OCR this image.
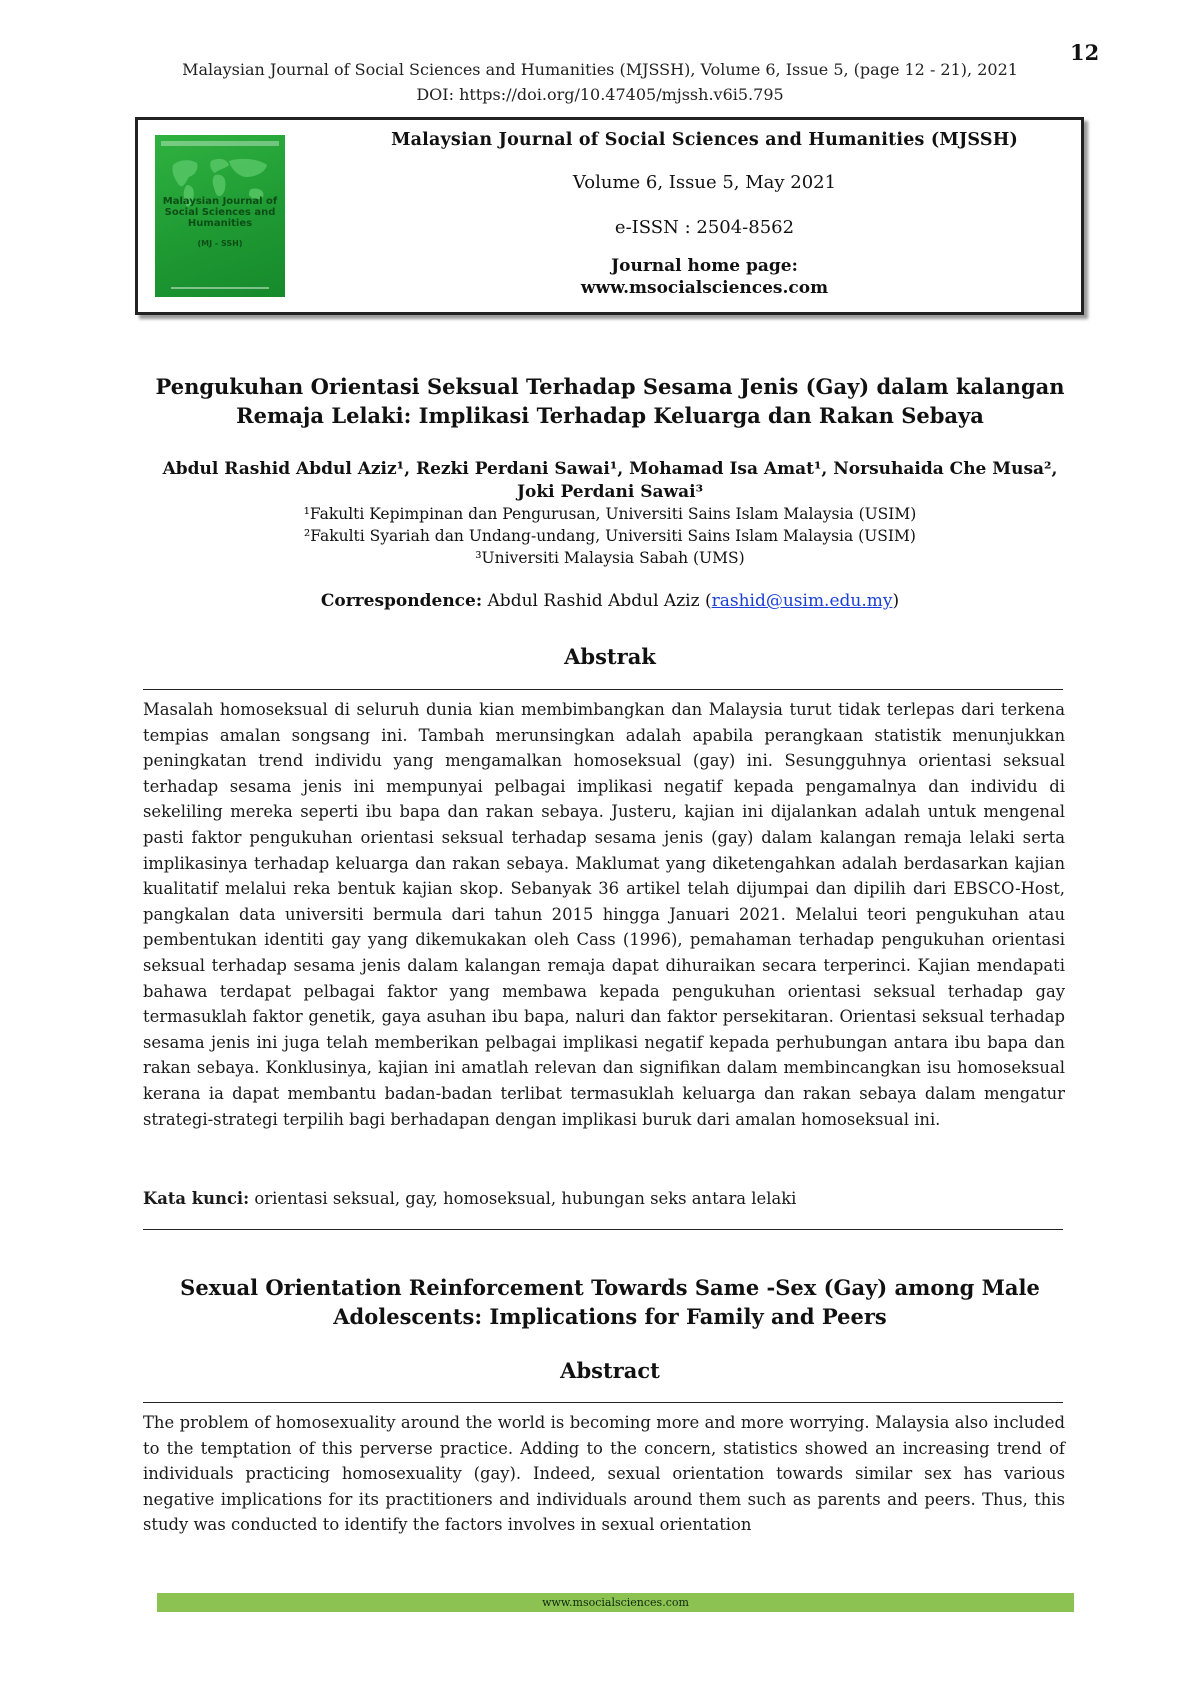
12
Malaysian Journal of Social Sciences and Humanities (MJSSH), Volume 6, Issue 5, (page 12 - 21), 2021
DOI: https://doi.org/10.47405/mjssh.v6i5.795
Malaysian Journal of Social Sciences and Humanities
(MJ - SSH)
Malaysian Journal of Social Sciences and Humanities (MJSSH)
Volume 6, Issue 5, May 2021
e-ISSN : 2504-8562
Journal home page:
www.msocialsciences.com
Pengukuhan Orientasi Seksual Terhadap Sesama Jenis (Gay) dalam kalangan
Remaja Lelaki: Implikasi Terhadap Keluarga dan Rakan Sebaya
Abdul Rashid Abdul Aziz¹, Rezki Perdani Sawai¹, Mohamad Isa Amat¹, Norsuhaida Che Musa², Joki Perdani Sawai³
¹Fakulti Kepimpinan dan Pengurusan, Universiti Sains Islam Malaysia (USIM)
²Fakulti Syariah dan Undang-undang, Universiti Sains Islam Malaysia (USIM)
³Universiti Malaysia Sabah (UMS)
Correspondence: Abdul Rashid Abdul Aziz (rashid@usim.edu.my)
Abstrak
Masalah homoseksual di seluruh dunia kian membimbangkan dan Malaysia turut tidak terlepas dari terkena tempias amalan songsang ini. Tambah merunsingkan adalah apabila perangkaan statistik menunjukkan peningkatan trend individu yang mengamalkan homoseksual (gay) ini. Sesungguhnya orientasi seksual terhadap sesama jenis ini mempunyai pelbagai implikasi negatif kepada pengamalnya dan individu di sekeliling mereka seperti ibu bapa dan rakan sebaya. Justeru, kajian ini dijalankan adalah untuk mengenal pasti faktor pengukuhan orientasi seksual terhadap sesama jenis (gay) dalam kalangan remaja lelaki serta implikasinya terhadap keluarga dan rakan sebaya. Maklumat yang diketengahkan adalah berdasarkan kajian kualitatif melalui reka bentuk kajian skop. Sebanyak 36 artikel telah dijumpai dan dipilih dari EBSCO-Host, pangkalan data universiti bermula dari tahun 2015 hingga Januari 2021. Melalui teori pengukuhan atau pembentukan identiti gay yang dikemukakan oleh Cass (1996), pemahaman terhadap pengukuhan orientasi seksual terhadap sesama jenis dalam kalangan remaja dapat dihuraikan secara terperinci. Kajian mendapati bahawa terdapat pelbagai faktor yang membawa kepada pengukuhan orientasi seksual terhadap gay termasuklah faktor genetik, gaya asuhan ibu bapa, naluri dan faktor persekitaran. Orientasi seksual terhadap sesama jenis ini juga telah memberikan pelbagai implikasi negatif kepada perhubungan antara ibu bapa dan rakan sebaya. Konklusinya, kajian ini amatlah relevan dan signifikan dalam membincangkan isu homoseksual kerana ia dapat membantu badan-badan terlibat termasuklah keluarga dan rakan sebaya dalam mengatur strategi-strategi terpilih bagi berhadapan dengan implikasi buruk dari amalan homoseksual ini.
Kata kunci: orientasi seksual, gay, homoseksual, hubungan seks antara lelaki
Sexual Orientation Reinforcement Towards Same -Sex (Gay) among Male
Adolescents: Implications for Family and Peers
Abstract
The problem of homosexuality around the world is becoming more and more worrying. Malaysia also included to the temptation of this perverse practice. Adding to the concern, statistics showed an increasing trend of individuals practicing homosexuality (gay). Indeed, sexual orientation towards similar sex has various negative implications for its practitioners and individuals around them such as parents and peers. Thus, this study was conducted to identify the factors involves in sexual orientation
www.msocialsciences.com
